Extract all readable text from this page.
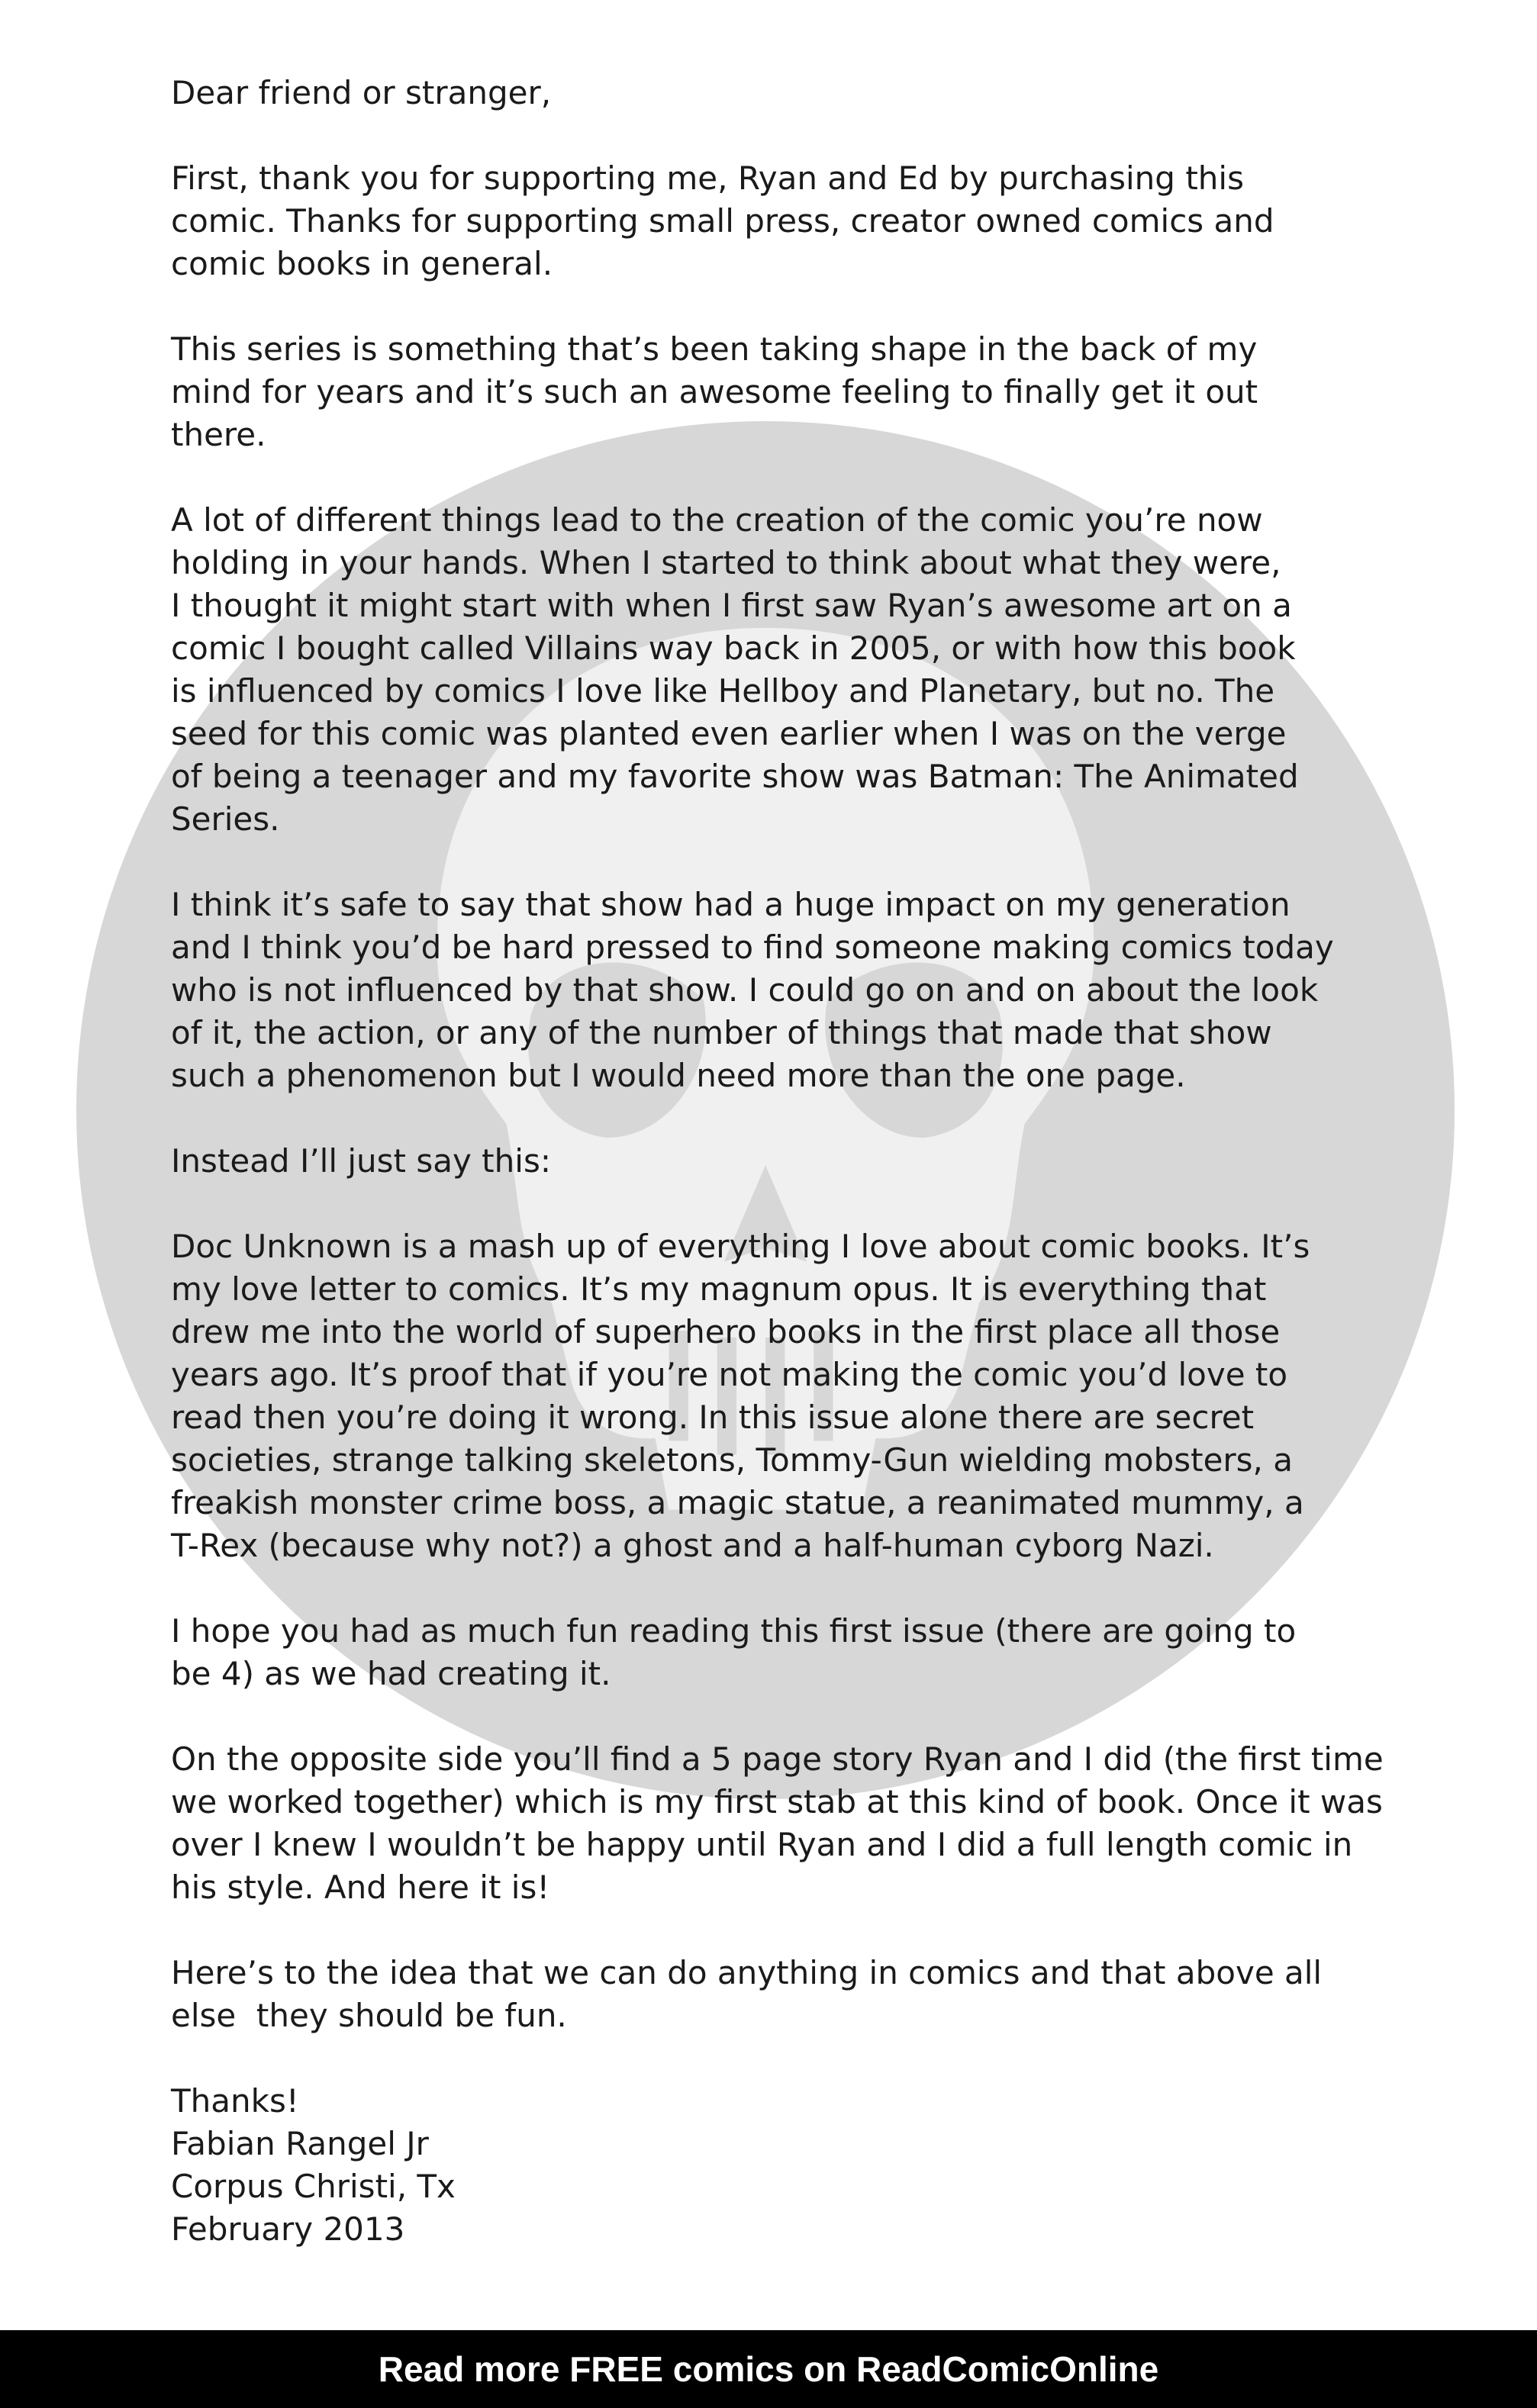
Dear friend or stranger,

First, thank you for supporting me, Ryan and Ed by purchasing this
comic. Thanks for supporting small press, creator owned comics and
comic books in general.
This series is something that’s been taking shape in the back of my
mind for years and it’s such an awesome feeling to finally get it out
there.
A lot of different things lead to the creation of the comic you’re now
holding in your hands. When I started to think about what they were,
I thought it might start with when I first saw Ryan’s awesome art on a
comic I bought called Villains way back in 2005, or with how this book
is influenced by comics I love like Hellboy and Planetary, but no. The
seed for this comic was planted even earlier when I was on the verge
of being a teenager and my favorite show was Batman: The Animated
Series.
I think it’s safe to say that show had a huge impact on my generation
and I think you’d be hard pressed to find someone making comics today
who is not influenced by that show. I could go on and on about the look
of it, the action, or any of the number of things that made that show
such a phenomenon but I would need more than the one page.
Instead I’ll just say this:
Doc Unknown is a mash up of everything I love about comic books. It’s
my love letter to comics. It’s my magnum opus. It is everything that
drew me into the world of superhero books in the first place all those
years ago. It’s proof that if you’re not making the comic you’d love to
read then you’re doing it wrong. In this issue alone there are secret
societies, strange talking skeletons, Tommy-Gun wielding mobsters, a
freakish monster crime boss, a magic statue, a reanimated mummy, a
T-Rex (because why not?) a ghost and a half-human cyborg Nazi.
I hope you had as much fun reading this first issue (there are going to
be 4) as we had creating it.
On the opposite side you’ll find a 5 page story Ryan and I did (the first time
we worked together) which is my first stab at this kind of book. Once it was
over I knew I wouldn’t be happy until Ryan and I did a full length comic in
his style. And here it is!
Here’s to the idea that we can do anything in comics and that above all
else  they should be fun.

Thanks!

Fabian Rangel Jr

Corpus Christi, Tx

February 2013

Read more FREE comics on ReadComicOnline
